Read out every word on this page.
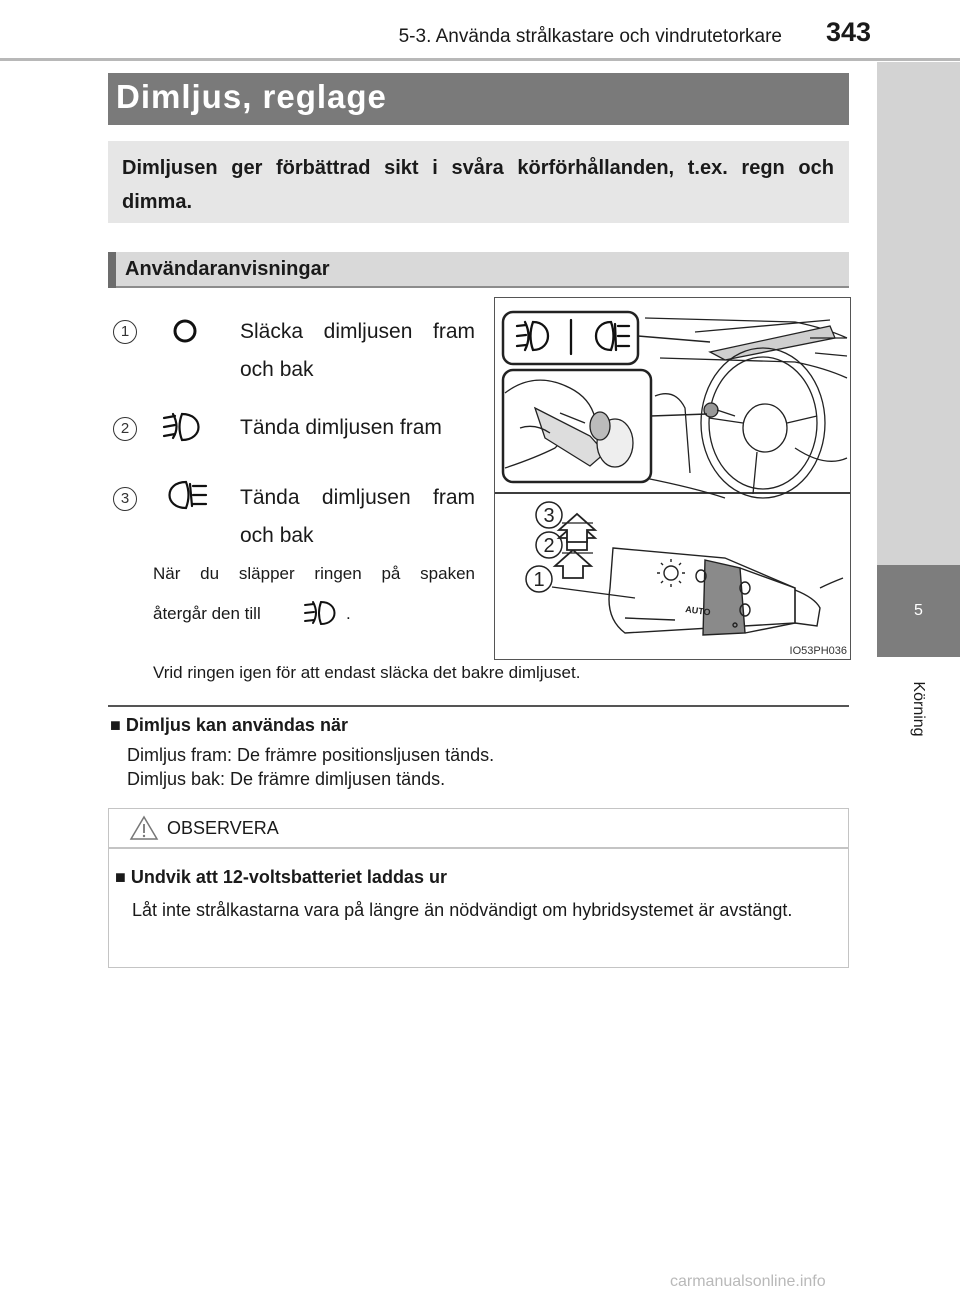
5-3. Använda strålkastare och vindrutetorkare 343
5
Körning
Dimljus, reglage
Dimljusen ger förbättrad sikt i svåra körförhållanden, t.ex. regn och dimma.
Användaranvisningar
1	Släcka dimljusen fram och bak
2	Tända dimljusen fram
3	Tända dimljusen fram och bak
När du släpper ringen på spaken
återgår den till	.
Vrid ringen igen för att endast släcka det bakre dimljuset.
AUTO
3
2
1
IO53PH036
■ Dimljus kan användas när
Dimljus fram: De främre positionsljusen tänds.
Dimljus bak: De främre dimljusen tänds.
OBSERVERA
■ Undvik att 12-voltsbatteriet laddas ur
Låt inte strålkastarna vara på längre än nödvändigt om hybridsystemet är avstängt.
carmanualsonline.info
